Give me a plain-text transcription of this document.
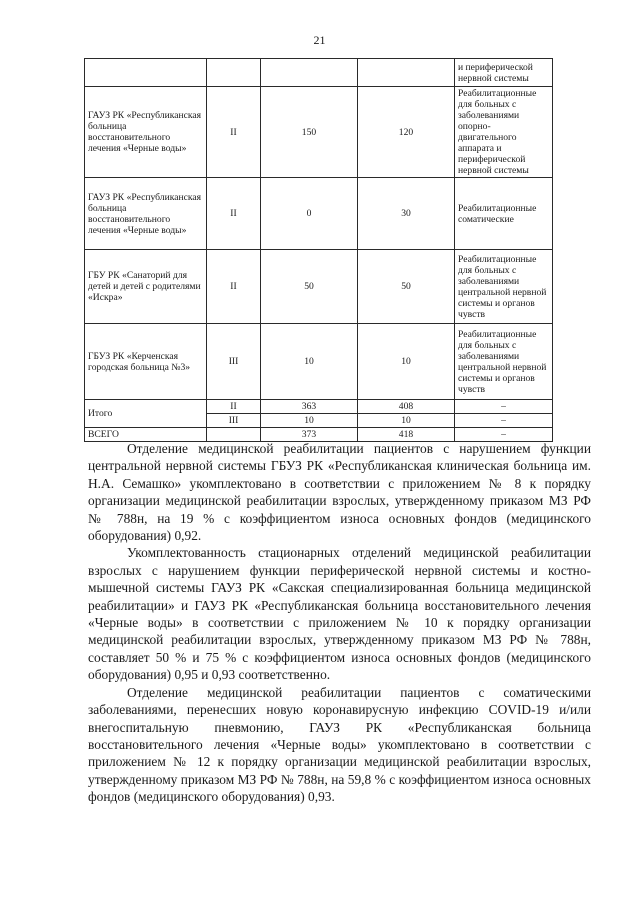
21
				и периферической нервной системы
ГАУЗ РК «Республиканская больница восстановительного лечения «Черные воды»	II	150	120	Реабилитационные для больных с заболеваниями опорно-двигательного аппарата и периферической нервной системы
ГАУЗ РК «Республиканская больница восстановительного лечения «Черные воды»	II	0	30	Реабилитационные соматические
ГБУ РК «Санаторий для детей и детей с родителями «Искра»	II	50	50	Реабилитационные для больных с заболеваниями центральной нервной системы и органов чувств
ГБУЗ РК «Керченская городская больница №3»	III	10	10	Реабилитационные для больных с заболеваниями центральной нервной системы и органов чувств
Итого	II	363	408	–
	III	10	10	–
ВСЕГО		373	418	–

Отделение медицинской реабилитации пациентов с нарушением функции центральной нервной системы ГБУЗ РК «Республиканская клиническая больница им. Н.А. Семашко» укомплектовано в соответствии с приложением № 8 к порядку организации медицинской реабилитации взрослых, утвержденному приказом МЗ РФ № 788н, на 19 % с коэффициентом износа основных фондов (медицинского оборудования) 0,92.

Укомплектованность стационарных отделений медицинской реабилитации взрослых с нарушением функции периферической нервной системы и костно-мышечной системы ГАУЗ РК «Сакская специализированная больница медицинской реабилитации» и ГАУЗ РК «Республиканская больница восстановительного лечения «Черные воды» в соответствии с приложением № 10 к порядку организации медицинской реабилитации взрослых, утвержденному приказом МЗ РФ № 788н, составляет 50 % и 75 % с коэффициентом износа основных фондов (медицинского оборудования) 0,95 и 0,93 соответственно.

Отделение медицинской реабилитации пациентов с соматическими заболеваниями, перенесших новую коронавирусную инфекцию COVID-19 и/или внегоспитальную пневмонию, ГАУЗ РК «Республиканская больница восстановительного лечения «Черные воды» укомплектовано в соответствии с приложением № 12 к порядку организации медицинской реабилитации взрослых, утвержденному приказом МЗ РФ № 788н, на 59,8 % с коэффициентом износа основных фондов (медицинского оборудования) 0,93.
